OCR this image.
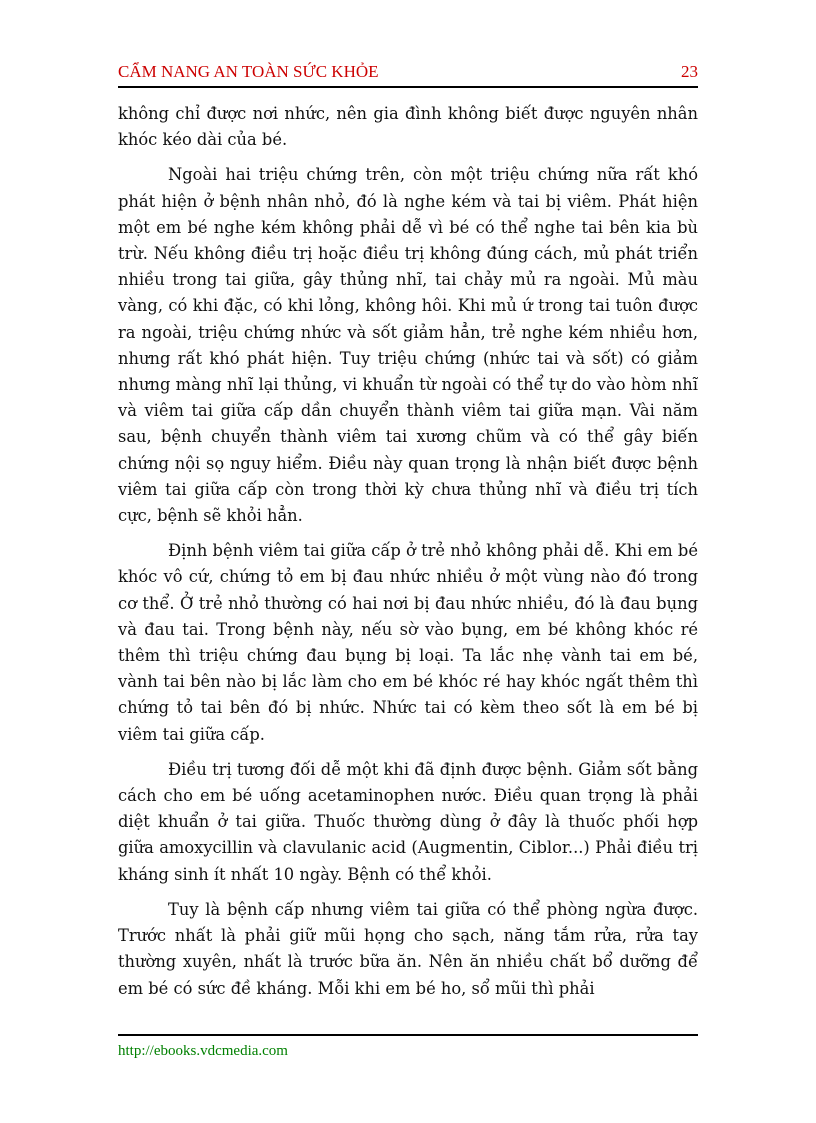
CẨM NANG AN TOÀN SỨC KHỎE	23

không chỉ được nơi nhức, nên gia đình không biết được nguyên nhân khóc kéo dài của bé.

Ngoài hai triệu chứng trên, còn một triệu chứng nữa rất khó phát hiện ở bệnh nhân nhỏ, đó là nghe kém và tai bị viêm. Phát hiện một em bé nghe kém không phải dễ vì bé có thể nghe tai bên kia bù trừ. Nếu không điều trị hoặc điều trị không đúng cách, mủ phát triển nhiều trong tai giữa, gây thủng nhĩ, tai chảy mủ ra ngoài. Mủ màu vàng, có khi đặc, có khi lỏng, không hôi. Khi mủ ứ trong tai tuôn được ra ngoài, triệu chứng nhức và sốt giảm hẳn, trẻ nghe kém nhiều hơn, nhưng rất khó phát hiện. Tuy triệu chứng (nhức tai và sốt) có giảm nhưng màng nhĩ lại thủng, vi khuẩn từ ngoài có thể tự do vào hòm nhĩ và viêm tai giữa cấp dần chuyển thành viêm tai giữa mạn. Vài năm sau, bệnh chuyển thành viêm tai xương chũm và có thể gây biến chứng nội sọ nguy hiểm. Điều này quan trọng là nhận biết được bệnh viêm tai giữa cấp còn trong thời kỳ chưa thủng nhĩ và điều trị tích cực, bệnh sẽ khỏi hẳn.

Định bệnh viêm tai giữa cấp ở trẻ nhỏ không phải dễ. Khi em bé khóc vô cứ, chứng tỏ em bị đau nhức nhiều ở một vùng nào đó trong cơ thể. Ở trẻ nhỏ thường có hai nơi bị đau nhức nhiều, đó là đau bụng và đau tai. Trong bệnh này, nếu sờ vào bụng, em bé không khóc ré thêm thì triệu chứng đau bụng bị loại. Ta lắc nhẹ vành tai em bé, vành tai bên nào bị lắc làm cho em bé khóc ré hay khóc ngất thêm thì chứng tỏ tai bên đó bị nhức. Nhức tai có kèm theo sốt là em bé bị viêm tai giữa cấp.

Điều trị tương đối dễ một khi đã định được bệnh. Giảm sốt bằng cách cho em bé uống acetaminophen nước. Điều quan trọng là phải diệt khuẩn ở tai giữa. Thuốc thường dùng ở đây là thuốc phối hợp giữa amoxycillin và clavulanic acid (Augmentin, Ciblor...) Phải điều trị kháng sinh ít nhất 10 ngày. Bệnh có thể khỏi.

Tuy là bệnh cấp nhưng viêm tai giữa có thể phòng ngừa được. Trước nhất là phải giữ mũi họng cho sạch, năng tắm rửa, rửa tay thường xuyên, nhất là trước bữa ăn. Nên ăn nhiều chất bổ dưỡng để em bé có sức đề kháng. Mỗi khi em bé ho, sổ mũi thì phải

http://ebooks.vdcmedia.com
